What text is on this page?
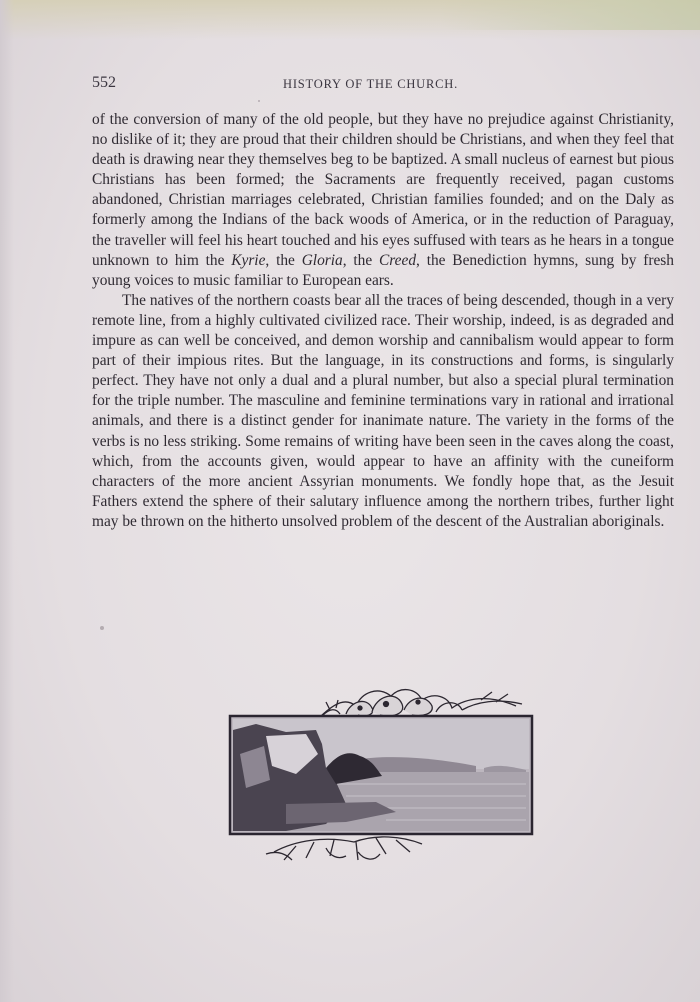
552	HISTORY OF THE CHURCH.

of the conversion of many of the old people, but they have no prejudice against Christianity, no dislike of it; they are proud that their children should be Christians, and when they feel that death is drawing near they themselves beg to be baptized. A small nucleus of earnest but pious Christians has been formed; the Sacraments are frequently received, pagan customs abandoned, Christian marriages celebrated, Christian families founded; and on the Daly as formerly among the Indians of the back woods of America, or in the reduction of Paraguay, the traveller will feel his heart touched and his eyes suffused with tears as he hears in a tongue unknown to him the Kyrie, the Gloria, the Creed, the Benediction hymns, sung by fresh young voices to music familiar to European ears.

The natives of the northern coasts bear all the traces of being descended, though in a very remote line, from a highly cultivated civilized race. Their worship, indeed, is as degraded and impure as can well be conceived, and demon worship and cannibalism would appear to form part of their impious rites. But the language, in its constructions and forms, is singularly perfect. They have not only a dual and a plural number, but also a special plural termination for the triple number. The masculine and feminine terminations vary in rational and irrational animals, and there is a distinct gender for inanimate nature. The variety in the forms of the verbs is no less striking. Some remains of writing have been seen in the caves along the coast, which, from the accounts given, would appear to have an affinity with the cuneiform characters of the more ancient Assyrian monuments. We fondly hope that, as the Jesuit Fathers extend the sphere of their salutary influence among the northern tribes, further light may be thrown on the hitherto unsolved problem of the descent of the Australian aboriginals.
